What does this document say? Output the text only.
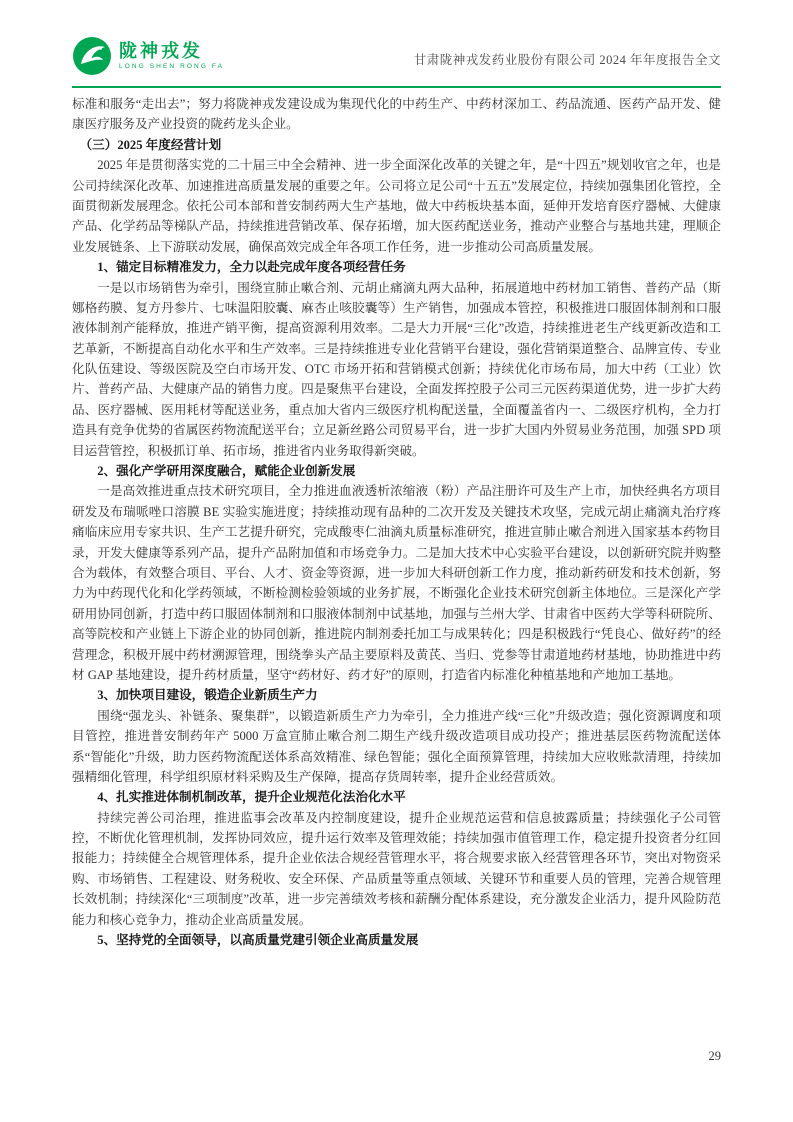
陇神戎发
LONG SHEN RONG FA	甘肃陇神戎发药业股份有限公司 2024 年年度报告全文

标准和服务“走出去”；努力将陇神戎发建设成为集现代化的中药生产、中药材深加工、药品流通、医药产品开发、健康医疗服务及产业投资的陇药龙头企业。

（三）2025 年度经营计划

2025 年是贯彻落实党的二十届三中全会精神、进一步全面深化改革的关键之年，是“十四五”规划收官之年，也是公司持续深化改革、加速推进高质量发展的重要之年。公司将立足公司“十五五”发展定位，持续加强集团化管控，全面贯彻新发展理念。依托公司本部和普安制药两大生产基地，做大中药板块基本面，延伸开发培育医疗器械、大健康产品、化学药品等梯队产品，持续推进营销改革、保存拓增，加大医药配送业务，推动产业整合与基地共建，理顺企业发展链条、上下游联动发展，确保高效完成全年各项工作任务，进一步推动公司高质量发展。

1、锚定目标精准发力，全力以赴完成年度各项经营任务

一是以市场销售为牵引，围绕宣肺止嗽合剂、元胡止痛滴丸两大品种，拓展道地中药材加工销售、普药产品（斯娜格药膜、复方丹参片、七味温阳胶囊、麻杏止咳胶囊等）生产销售，加强成本管控，积极推进口服固体制剂和口服液体制剂产能释放，推进产销平衡，提高资源利用效率。二是大力开展“三化”改造，持续推进老生产线更新改造和工艺革新，不断提高自动化水平和生产效率。三是持续推进专业化营销平台建设，强化营销渠道整合、品牌宣传、专业化队伍建设、等级医院及空白市场开发、OTC 市场开拓和营销模式创新；持续优化市场布局，加大中药（工业）饮片、普药产品、大健康产品的销售力度。四是聚焦平台建设，全面发挥控股子公司三元医药渠道优势，进一步扩大药品、医疗器械、医用耗材等配送业务，重点加大省内三级医疗机构配送量，全面覆盖省内一、二级医疗机构，全力打造具有竞争优势的省属医药物流配送平台；立足新丝路公司贸易平台，进一步扩大国内外贸易业务范围，加强 SPD 项目运营管控，积极抓订单、拓市场，推进省内业务取得新突破。

2、强化产学研用深度融合，赋能企业创新发展

一是高效推进重点技术研究项目，全力推进血液透析浓缩液（粉）产品注册许可及生产上市，加快经典名方项目研发及布瑞哌唑口溶膜 BE 实验实施进度；持续推动现有品种的二次开发及关键技术攻坚，完成元胡止痛滴丸治疗疼痛临床应用专家共识、生产工艺提升研究，完成酸枣仁油滴丸质量标准研究，推进宣肺止嗽合剂进入国家基本药物目录，开发大健康等系列产品，提升产品附加值和市场竞争力。二是加大技术中心实验平台建设，以创新研究院并购整合为载体，有效整合项目、平台、人才、资金等资源，进一步加大科研创新工作力度，推动新药研发和技术创新，努力为中药现代化和化学药领域，不断检测检验领域的业务扩展，不断强化企业技术研究创新主体地位。三是深化产学研用协同创新，打造中药口服固体制剂和口服液体制剂中试基地，加强与兰州大学、甘肃省中医药大学等科研院所、高等院校和产业链上下游企业的协同创新，推进院内制剂委托加工与成果转化；四是积极践行“凭良心、做好药”的经营理念，积极开展中药材溯源管理，围绕拳头产品主要原料及黄芪、当归、党参等甘肃道地药材基地，协助推进中药材 GAP 基地建设，提升药材质量，坚守“药材好、药才好”的原则，打造省内标准化种植基地和产地加工基地。

3、加快项目建设，锻造企业新质生产力

围绕“强龙头、补链条、聚集群”，以锻造新质生产力为牵引，全力推进产线“三化”升级改造；强化资源调度和项目管控，推进普安制药年产 5000 万盒宣肺止嗽合剂二期生产线升级改造项目成功投产；推进基层医药物流配送体系“智能化”升级，助力医药物流配送体系高效精准、绿色智能；强化全面预算管理，持续加大应收账款清理，持续加强精细化管理，科学组织原材料采购及生产保障，提高存货周转率，提升企业经营质效。

4、扎实推进体制机制改革，提升企业规范化法治化水平

持续完善公司治理，推进监事会改革及内控制度建设，提升企业规范运营和信息披露质量；持续强化子公司管控，不断优化管理机制，发挥协同效应，提升运行效率及管理效能；持续加强市值管理工作，稳定提升投资者分红回报能力；持续健全合规管理体系，提升企业依法合规经营管理水平，将合规要求嵌入经营管理各环节，突出对物资采购、市场销售、工程建设、财务税收、安全环保、产品质量等重点领域、关键环节和重要人员的管理，完善合规管理长效机制；持续深化“三项制度”改革，进一步完善绩效考核和薪酬分配体系建设，充分激发企业活力，提升风险防范能力和核心竞争力，推动企业高质量发展。

5、坚持党的全面领导，以高质量党建引领企业高质量发展

29
